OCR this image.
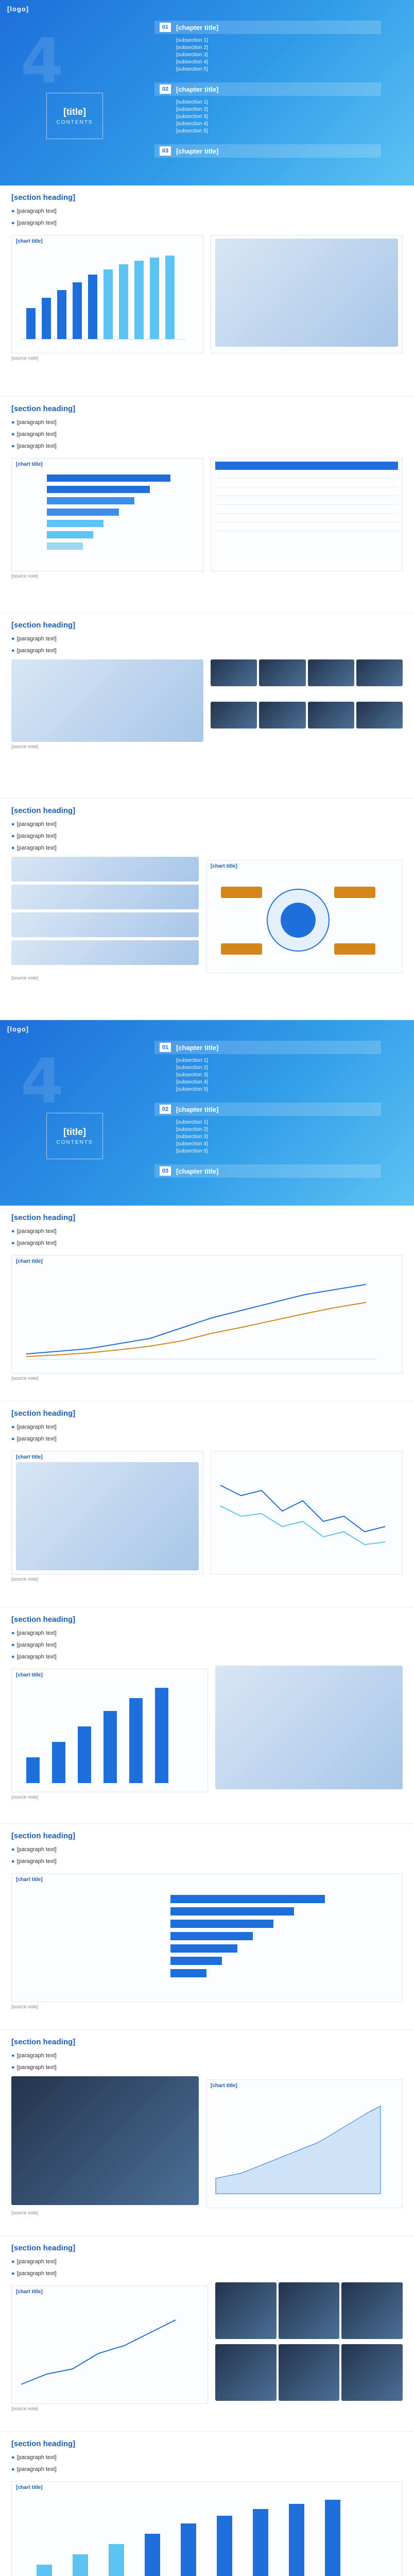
[logo]
4
[title]
CONTENTS
01	[chapter title]
[subsection 1]
[subsection 2]
[subsection 3]
[subsection 4]
[subsection 5]
02	[chapter title]
[subsection 1]
[subsection 2]
[subsection 3]
[subsection 4]
[subsection 5]
03	[chapter title]
[section heading]
● [paragraph text]
● [paragraph text]
[chart title]
[source note]
[section heading]
● [paragraph text]
● [paragraph text]
● [paragraph text]
[chart title]

[source note]
[section heading]
● [paragraph text]
● [paragraph text]
[source note]
[section heading]
● [paragraph text]
● [paragraph text]
● [paragraph text]
[chart title]
[source note]
[logo]
4
[title]
CONTENTS
01	[chapter title]
[subsection 1]
[subsection 2]
[subsection 3]
[subsection 4]
[subsection 5]
02	[chapter title]
[subsection 1]
[subsection 2]
[subsection 3]
[subsection 4]
[subsection 5]
03	[chapter title]
[section heading]
● [paragraph text]
● [paragraph text]
[chart title]
[source note]
[section heading]
● [paragraph text]
● [paragraph text]
[chart title]
[source note]
[section heading]
● [paragraph text]
● [paragraph text]
● [paragraph text]
[chart title]
[source note]
[section heading]
● [paragraph text]
● [paragraph text]
[chart title]
[source note]
[section heading]
● [paragraph text]
● [paragraph text]
[chart title]
[source note]
[section heading]
● [paragraph text]
● [paragraph text]
[chart title]
[source note]
[section heading]
● [paragraph text]
● [paragraph text]
[chart title]
